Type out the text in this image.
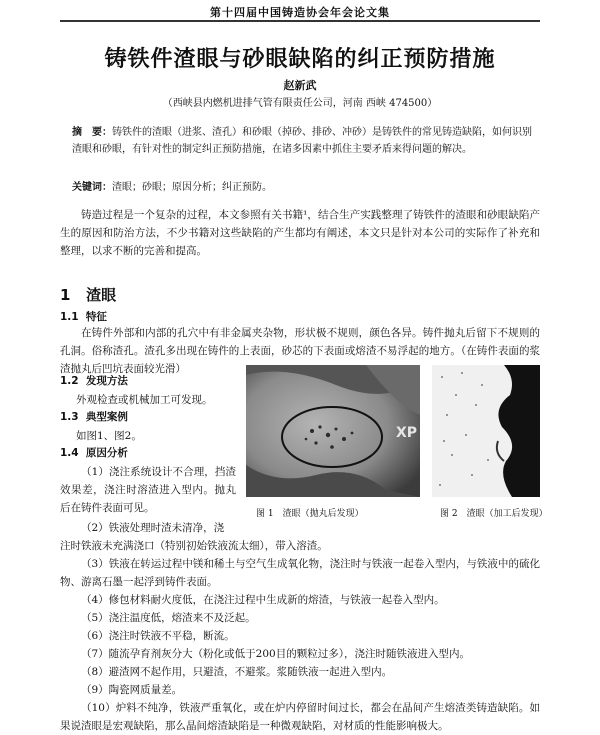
第十四届中国铸造协会年会论文集
铸铁件渣眼与砂眼缺陷的纠正预防措施
赵新武
（西峡县内燃机进排气管有限责任公司，河南 西峡 474500）
摘　要：铸铁件的渣眼（进浆、渣孔）和砂眼（掉砂、排砂、冲砂）是铸铁件的常见铸造缺陷，如何识别渣眼和砂眼，有针对性的制定纠正预防措施，在诸多因素中抓住主要矛盾来得问题的解决。
关键词：渣眼；砂眼；原因分析；纠正预防。
铸造过程是一个复杂的过程，本文参照有关书籍¹，结合生产实践整理了铸铁件的渣眼和砂眼缺陷产生的原因和防治方法，不少书籍对这些缺陷的产生都均有阐述，本文只是针对本公司的实际作了补充和整理，以求不断的完善和提高。
1 渣眼
1.1 特征
在铸件外部和内部的孔穴中有非金属夹杂物，形状极不规则，颜色各异。铸件抛丸后留下不规则的孔洞。俗称渣孔。渣孔多出现在铸件的上表面，砂芯的下表面或熔渣不易浮起的地方。（在铸件表面的浆渣抛丸后凹坑表面较光滑）
1.2 发现方法
外观检查或机械加工可发现。
1.3 典型案例
如图1、图2。
1.4 原因分析
（1）浇注系统设计不合理，挡渣效果差，浇注时溶渣进入型内。抛丸后在铸件表面可见。
（2）铁液处理时渣未清净，浇
注时铁液未充满浇口（特别初始铁液流太细），带入溶渣。
（3）铁液在转运过程中镁和稀土与空气生成氧化物，浇注时与铁液一起卷入型内，与铁液中的硫化物、游离石墨一起浮到铸件表面。
（4）修包材料耐火度低，在浇注过程中生成新的熔渣，与铁液一起卷入型内。
（5）浇注温度低，熔渣来不及泛起。
（6）浇注时铁液不平稳，断流。
（7）随流孕育剂灰分大（粉化或低于200目的颗粒过多），浇注时随铁液进入型内。
（8）避渣网不起作用，只避渣，不避浆。浆随铁液一起进入型内。
（9）陶瓷网质量差。
（10）炉料不纯净，铁液严重氧化，或在炉内停留时间过长，都会在晶间产生熔渣类铸造缺陷。如果说渣眼是宏观缺陷，那么晶间熔渣缺陷是一种微观缺陷，对材质的性能影响极大。
XP
图 1　渣眼（抛丸后发现）	图 2　渣眼（加工后发现）
